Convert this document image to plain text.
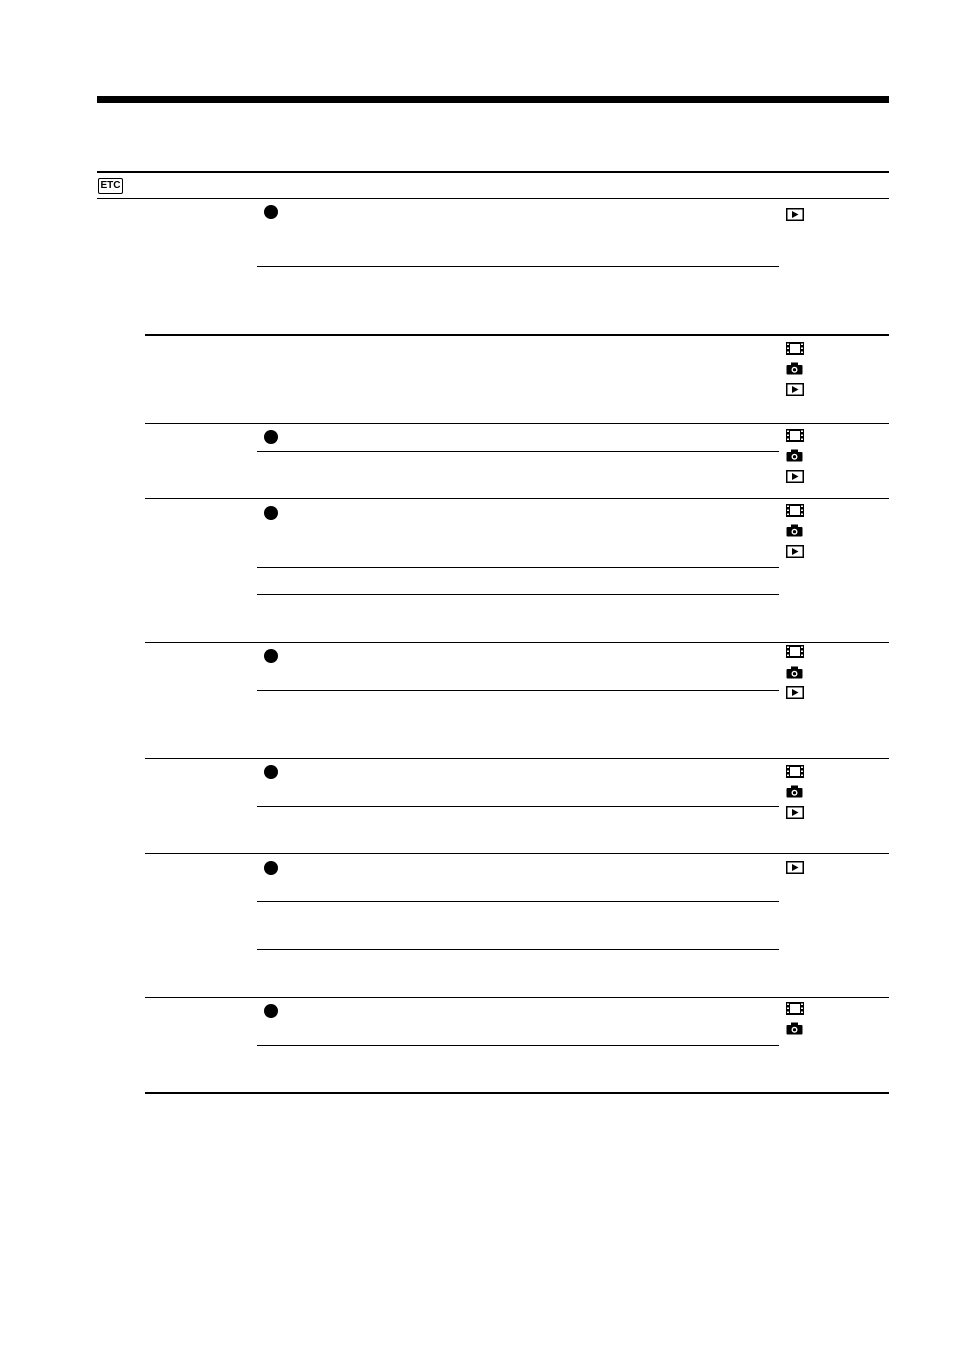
ETC
